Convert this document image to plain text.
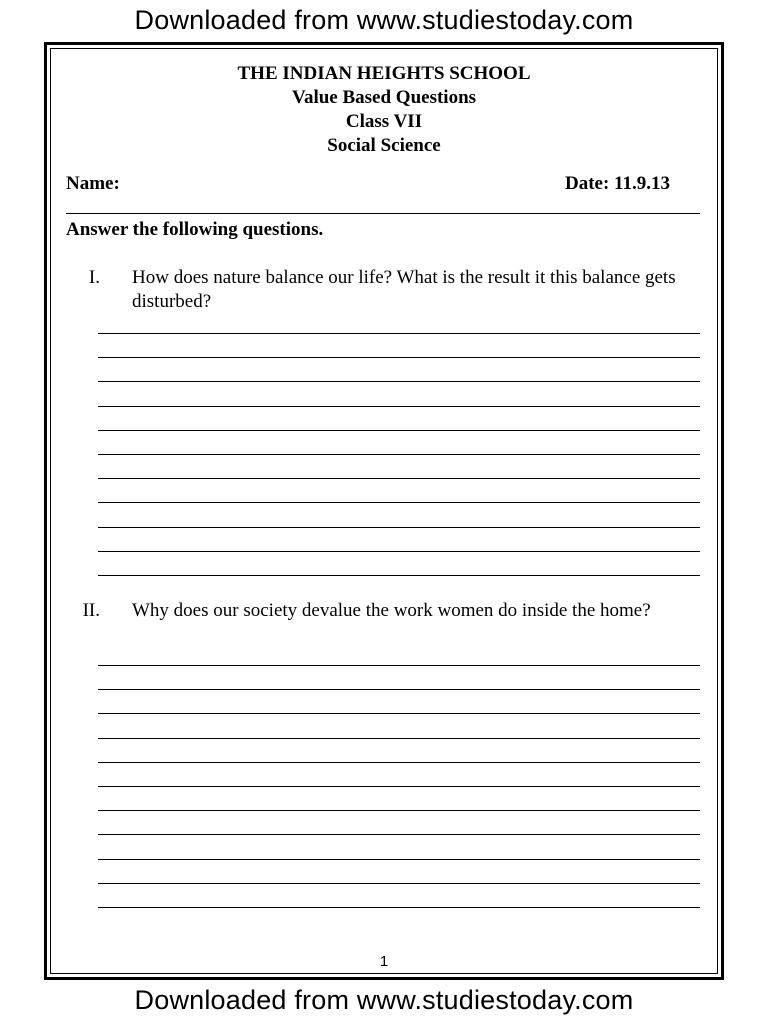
Downloaded from www.studiestoday.com
THE INDIAN HEIGHTS SCHOOL
Value Based Questions
Class VII
Social Science
Name:	Date: 11.9.13
Answer the following questions.
I. How does nature balance our life? What is the result it this balance gets disturbed?
II. Why does our society devalue the work women do inside the home?
1
Downloaded from www.studiestoday.com
